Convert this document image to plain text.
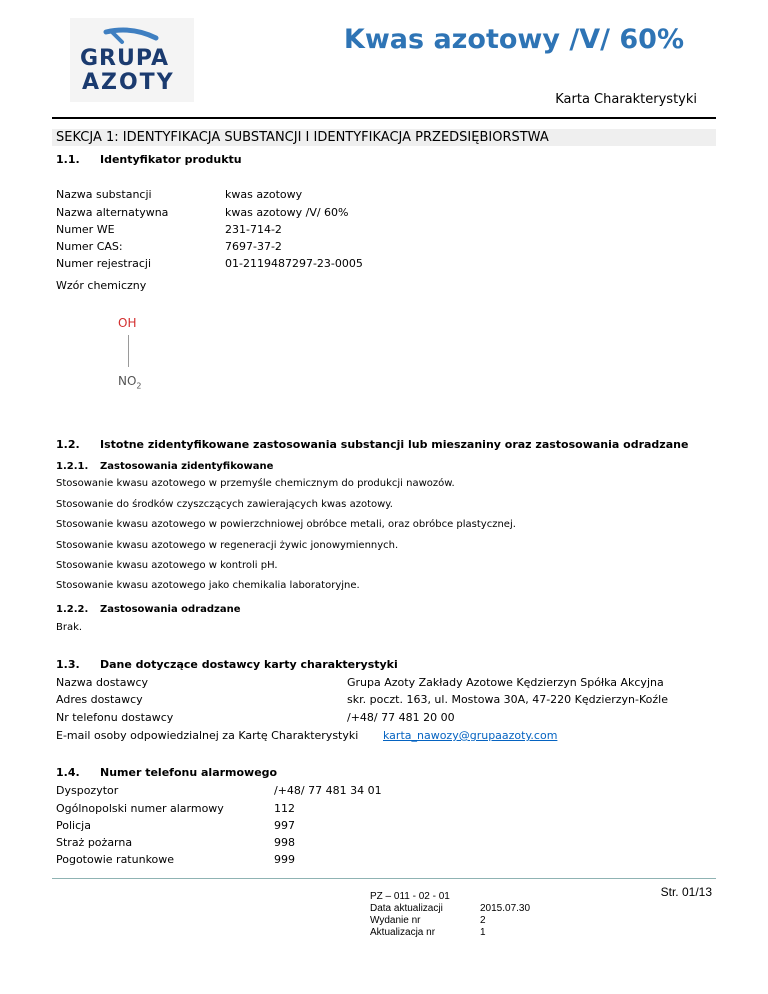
GRUPA
AZOTY
Kwas azotowy /V/ 60%
Karta Charakterystyki
SEKCJA 1: IDENTYFIKACJA SUBSTANCJI I IDENTYFIKACJA PRZEDSIĘBIORSTWA
1.1. Identyfikator produktu
Nazwa substancji	kwas azotowy
Nazwa alternatywna	kwas azotowy /V/ 60%
Numer WE	231-714-2
Numer CAS:	7697-37-2
Numer rejestracji	01-2119487297-23-0005
Wzór chemiczny
OH
$NO_2$
1.2. Istotne zidentyfikowane zastosowania substancji lub mieszaniny oraz zastosowania odradzane
1.2.1. Zastosowania zidentyfikowane
Stosowanie kwasu azotowego w przemyśle chemicznym do produkcji nawozów.
Stosowanie do środków czyszczących zawierających kwas azotowy.
Stosowanie kwasu azotowego w powierzchniowej obróbce metali, oraz obróbce plastycznej.
Stosowanie kwasu azotowego w regeneracji żywic jonowymiennych.
Stosowanie kwasu azotowego w kontroli pH.
Stosowanie kwasu azotowego jako chemikalia laboratoryjne.
1.2.2. Zastosowania odradzane
Brak.
1.3. Dane dotyczące dostawcy karty charakterystyki
Nazwa dostawcy	Grupa Azoty Zakłady Azotowe Kędzierzyn Spółka Akcyjna
Adres dostawcy	skr. poczt. 163, ul. Mostowa 30A, 47-220 Kędzierzyn-Koźle
Nr telefonu dostawcy	/+48/ 77 481 20 00
E-mail osoby odpowiedzialnej za Kartę Charakterystyki karta_nawozy@grupaazoty.com
1.4. Numer telefonu alarmowego
Dyspozytor	/+48/ 77 481 34 01
Ogólnopolski numer alarmowy	112
Policja	997
Straż pożarna	998
Pogotowie ratunkowe	999
PZ – 011 - 02 - 01
Data aktualizacji	2015.07.30
Wydanie nr	2
Aktualizacja nr	1
Str. 01/13
